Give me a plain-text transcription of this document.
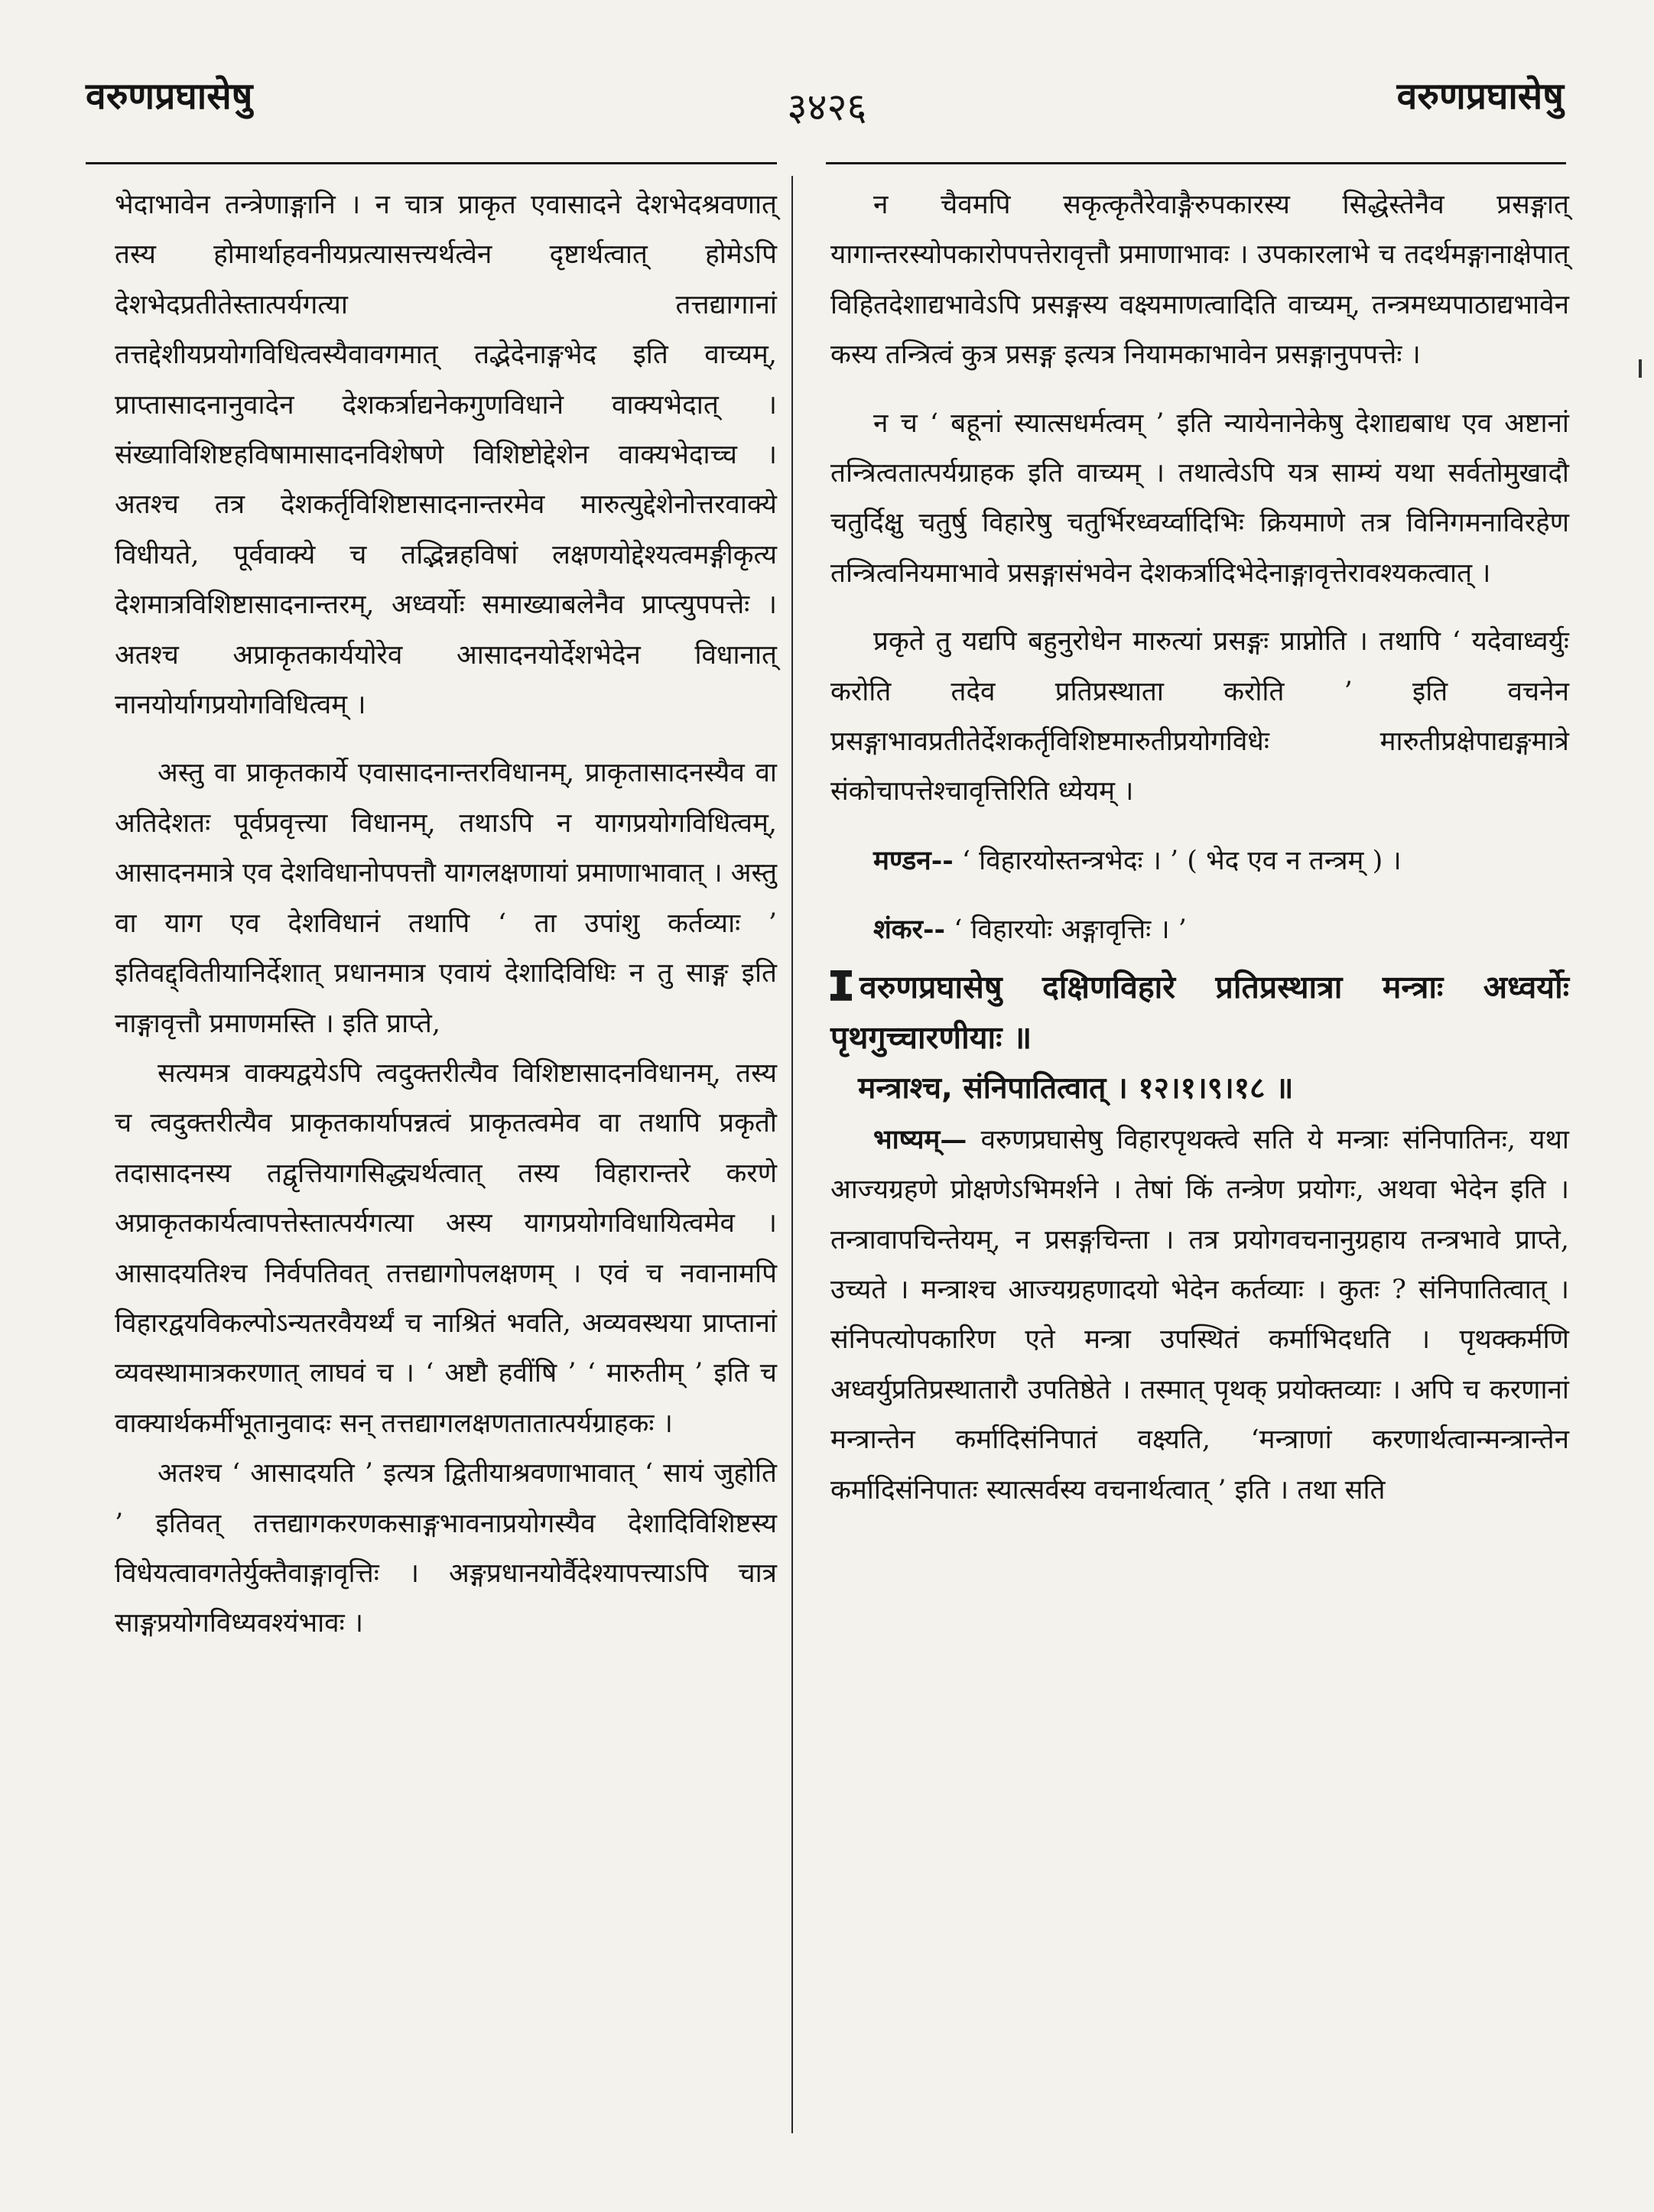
वरुणप्रघासेषु	३४२६	वरुणप्रघासेषु

भेदाभावेन तन्त्रेणाङ्गानि । न चात्र प्राकृत एवासादने देशभेदश्रवणात् तस्य होमार्थाहवनीयप्रत्यासत्त्यर्थत्वेन दृष्टार्थत्वात् होमेऽपि देशभेदप्रतीतेस्तात्पर्यगत्या तत्तद्यागानां तत्तद्देशीयप्रयोगविधित्वस्यैवावगमात् तद्भेदेनाङ्गभेद इति वाच्यम्, प्राप्तासादनानुवादेन देशकर्त्राद्यनेकगुणविधाने वाक्यभेदात् । संख्याविशिष्टहविषामासादनविशेषणे विशिष्टोद्देशेन वाक्यभेदाच्च । अतश्च तत्र देशकर्तृविशिष्टासादनान्तरमेव मारुत्युद्देशेनोत्तरवाक्ये विधीयते, पूर्ववाक्ये च तद्भिन्नहविषां लक्षणयोद्देश्यत्वमङ्गीकृत्य देशमात्रविशिष्टासादनान्तरम्, अध्वर्योः समाख्याबलेनैव प्राप्त्युपपत्तेः । अतश्च अप्राकृतकार्ययोरेव आसादनयोर्देशभेदेन विधानात् नानयोर्यागप्रयोगविधित्वम् ।

अस्तु वा प्राकृतकार्ये एवासादनान्तरविधानम्, प्राकृतासादनस्यैव वा अतिदेशतः पूर्वप्रवृत्त्या विधानम्, तथाऽपि न यागप्रयोगविधित्वम्, आसादनमात्रे एव देशविधानोपपत्तौ यागलक्षणायां प्रमाणाभावात् । अस्तु वा याग एव देशविधानं तथापि ‘ ता उपांशु कर्तव्याः ’ इतिवद्द्वितीयानिर्देशात् प्रधानमात्र एवायं देशादिविधिः न तु साङ्ग इति नाङ्गावृत्तौ प्रमाणमस्ति । इति प्राप्ते,

सत्यमत्र वाक्यद्वयेऽपि त्वदुक्तरीत्यैव विशिष्टासादनविधानम्, तस्य च त्वदुक्तरीत्यैव प्राकृतकार्यापन्नत्वं प्राकृतत्वमेव वा तथापि प्रकृतौ तदासादनस्य तद्वृत्तियागसिद्ध्यर्थत्वात् तस्य विहारान्तरे करणे अप्राकृतकार्यत्वापत्तेस्तात्पर्यगत्या अस्य यागप्रयोगविधायित्वमेव । आसादयतिश्च निर्वपतिवत् तत्तद्यागोपलक्षणम् । एवं च नवानामपि विहारद्वयविकल्पोऽन्यतरवैयर्थ्यं च नाश्रितं भवति, अव्यवस्थया प्राप्तानां व्यवस्थामात्रकरणात् लाघवं च । ‘ अष्टौ हवींषि ’ ‘ मारुतीम् ’ इति च वाक्यार्थकर्मीभूतानुवादः सन् तत्तद्यागलक्षणतातात्पर्यग्राहकः ।

अतश्च ‘ आसादयति ’ इत्यत्र द्वितीयाश्रवणाभावात् ‘ सायं जुहोति ’ इतिवत् तत्तद्यागकरणकसाङ्गभावनाप्रयोगस्यैव देशादिविशिष्टस्य विधेयत्वावगतेर्युक्तैवाङ्गावृत्तिः । अङ्गप्रधानयोर्वैदेश्यापत्त्याऽपि चात्र साङ्गप्रयोगविध्यवश्यंभावः ।

न चैवमपि सकृत्कृतैरेवाङ्गैरुपकारस्य सिद्धेस्तेनैव प्रसङ्गात् यागान्तरस्योपकारोपपत्तेरावृत्तौ प्रमाणाभावः । उपकारलाभे च तदर्थमङ्गानाक्षेपात् विहितदेशाद्यभावेऽपि प्रसङ्गस्य वक्ष्यमाणत्वादिति वाच्यम्, तन्त्रमध्यपाठाद्यभावेन कस्य तन्त्रित्वं कुत्र प्रसङ्ग इत्यत्र नियामकाभावेन प्रसङ्गानुपपत्तेः ।

न च ‘ बहूनां स्यात्सधर्मत्वम् ’ इति न्यायेनानेकेषु देशाद्यबाध एव अष्टानां तन्त्रित्वतात्पर्यग्राहक इति वाच्यम् । तथात्वेऽपि यत्र साम्यं यथा सर्वतोमुखादौ चतुर्दिक्षु चतुर्षु विहारेषु चतुर्भिरध्वर्य्वादिभिः क्रियमाणे तत्र विनिगमनाविरहेण तन्त्रित्वनियमाभावे प्रसङ्गासंभवेन देशकर्त्रादिभेदेनाङ्गावृत्तेरावश्यकत्वात् ।

प्रकृते तु यद्यपि बहुनुरोधेन मारुत्यां प्रसङ्गः प्राप्नोति । तथापि ‘ यदेवाध्वर्युः करोति तदेव प्रतिप्रस्थाता करोति ’ इति वचनेन प्रसङ्गाभावप्रतीतेर्देशकर्तृविशिष्टमारुतीप्रयोगविधेः मारुतीप्रक्षेपाद्यङ्गमात्रे संकोचापत्तेश्चावृत्तिरिति ध्येयम् ।

मण्डन-- ‘ विहारयोस्तन्त्रभेदः । ’ ( भेद एव न तन्त्रम् ) ।

शंकर-- ‘ विहारयोः अङ्गावृत्तिः । ’

वरुणप्रघासेषु दक्षिणविहारे प्रतिप्रस्थात्रा मन्त्राः अध्वर्योः पृथगुच्चारणीयाः ॥

मन्त्राश्च, संनिपातित्वात् । १२।१।९।१८ ॥

भाष्यम्— वरुणप्रघासेषु विहारपृथक्त्वे सति ये मन्त्राः संनिपातिनः, यथा आज्यग्रहणे प्रोक्षणेऽभिमर्शने । तेषां किं तन्त्रेण प्रयोगः, अथवा भेदेन इति । तन्त्रावापचिन्तेयम्, न प्रसङ्गचिन्ता । तत्र प्रयोगवचनानुग्रहाय तन्त्रभावे प्राप्ते, उच्यते । मन्त्राश्च आज्यग्रहणादयो भेदेन कर्तव्याः । कुतः ? संनिपातित्वात् । संनिपत्योपकारिण एते मन्त्रा उपस्थितं कर्माभिदधति । पृथक्कर्मणि अध्वर्युप्रतिप्रस्थातारौ उपतिष्ठेते । तस्मात् पृथक् प्रयोक्तव्याः । अपि च करणानां मन्त्रान्तेन कर्मादिसंनिपातं वक्ष्यति, ‘मन्त्राणां करणार्थत्वान्मन्त्रान्तेन कर्मादिसंनिपातः स्यात्सर्वस्य वचनार्थत्वात् ’ इति । तथा सति
